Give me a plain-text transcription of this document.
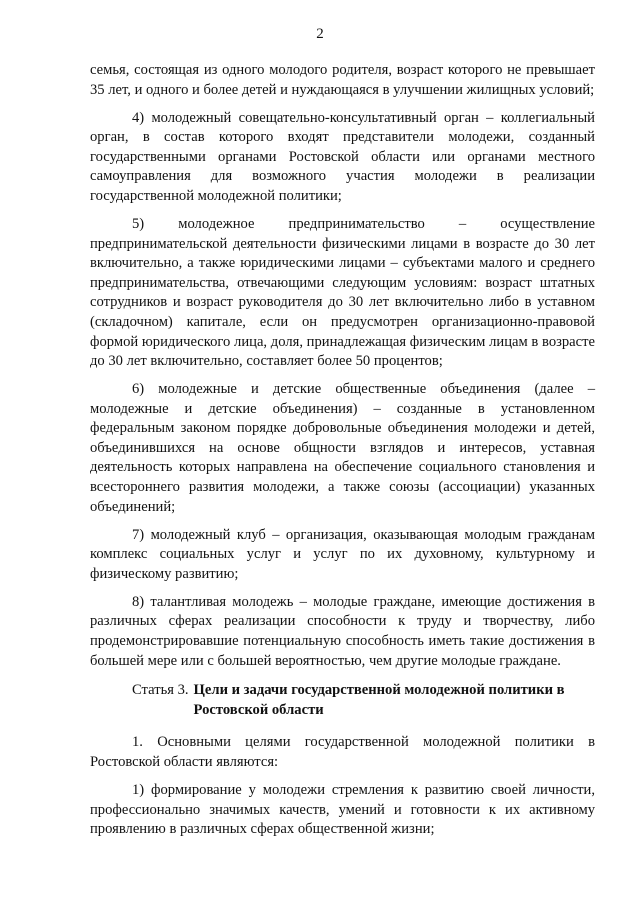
2

семья, состоящая из одного молодого родителя, возраст которого не превышает 35 лет, и одного и более детей и нуждающаяся в улучшении жилищных условий;

4) молодежный совещательно-консультативный орган – коллегиальный орган, в состав которого входят представители молодежи, созданный государственными органами Ростовской области или органами местного самоуправления для возможного участия молодежи в реализации государственной молодежной политики;

5) молодежное предпринимательство – осуществление предпринимательской деятельности физическими лицами в возрасте до 30 лет включительно, а также юридическими лицами – субъектами малого и среднего предпринимательства, отвечающими следующим условиям: возраст штатных сотрудников и возраст руководителя до 30 лет включительно либо в уставном (складочном) капитале, если он предусмотрен организационно-правовой формой юридического лица, доля, принадлежащая физическим лицам в возрасте до 30 лет включительно, составляет более 50 процентов;

6) молодежные и детские общественные объединения (далее – молодежные и детские объединения) – созданные в установленном федеральным законом порядке добровольные объединения молодежи и детей, объединившихся на основе общности взглядов и интересов, уставная деятельность которых направлена на обеспечение социального становления и всестороннего развития молодежи, а также союзы (ассоциации) указанных объединений;

7) молодежный клуб – организация, оказывающая молодым гражданам комплекс социальных услуг и услуг по их духовному, культурному и физическому развитию;

8) талантливая молодежь – молодые граждане, имеющие достижения в различных сферах реализации способности к труду и творчеству, либо продемонстрировавшие потенциальную способность иметь такие достижения в большей мере или с большей вероятностью, чем другие молодые граждане.

Статья 3. Цели и задачи государственной молодежной политики в Ростовской области

1. Основными целями государственной молодежной политики в Ростовской области являются:

1) формирование у молодежи стремления к развитию своей личности, профессионально значимых качеств, умений и готовности к их активному проявлению в различных сферах общественной жизни;
